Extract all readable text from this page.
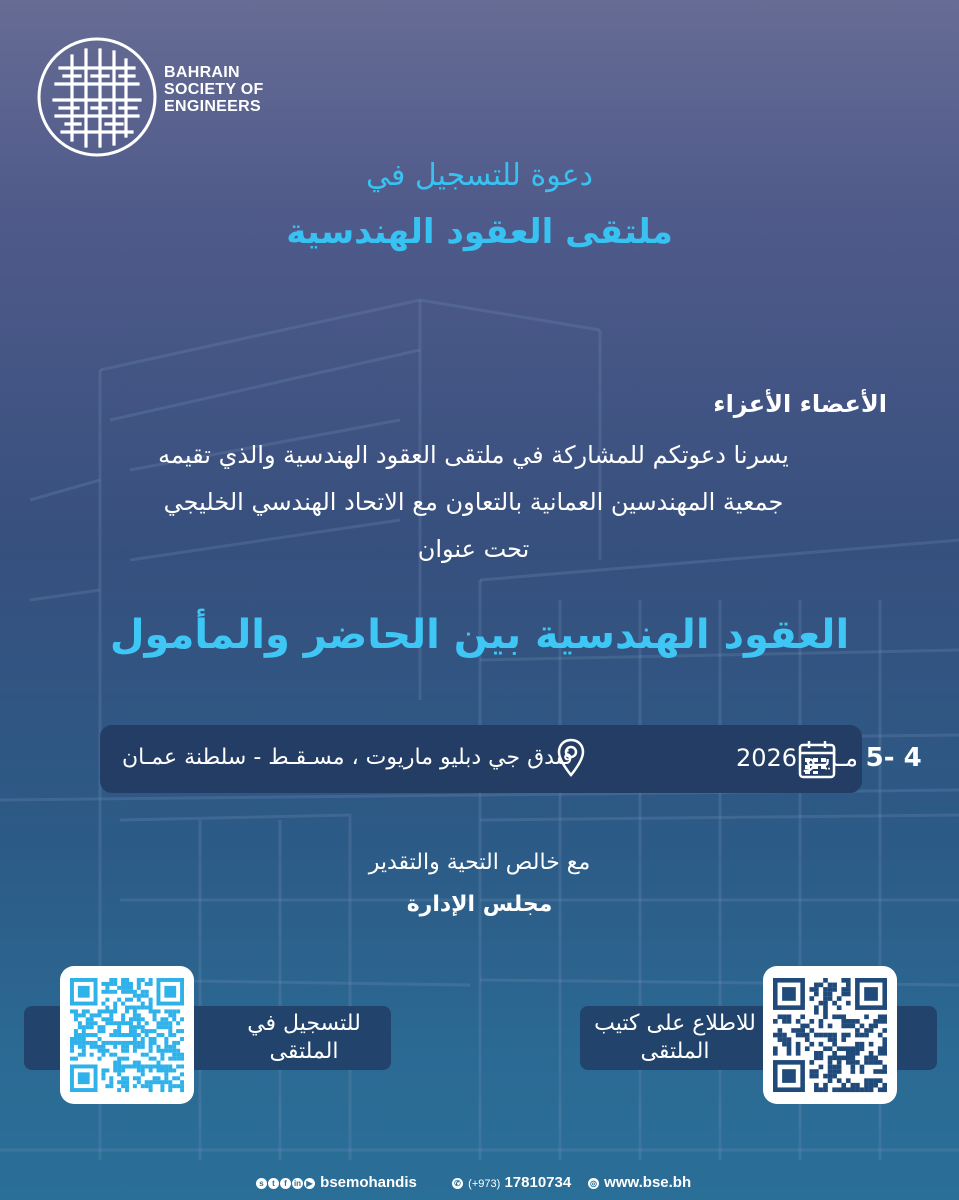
BAHRAIN
SOCIETY OF
ENGINEERS
دعوة للتسجيل في
ملتقى العقود الهندسية
الأعضاء الأعزاء
يسرنا دعوتكم للمشاركة في ملتقى العقود الهندسية والذي تقيمه
جمعية المهندسين العمانية بالتعاون مع الاتحاد الهندسي الخليجي
تحت عنوان
العقود الهندسية بين الحاضر والمأمول
4 -5 مـايـو 2026
فندق جي دبليو ماريوت ، مسـقـط - سلطنة عمـان
مع خالص التحية والتقدير
مجلس الإدارة
للتسجيل في الملتقى
للاطلاع على كتيب الملتقى
s t f in ▶ bsemohandis	✆ (+973) 17810734 ◎ www.bse.bh
